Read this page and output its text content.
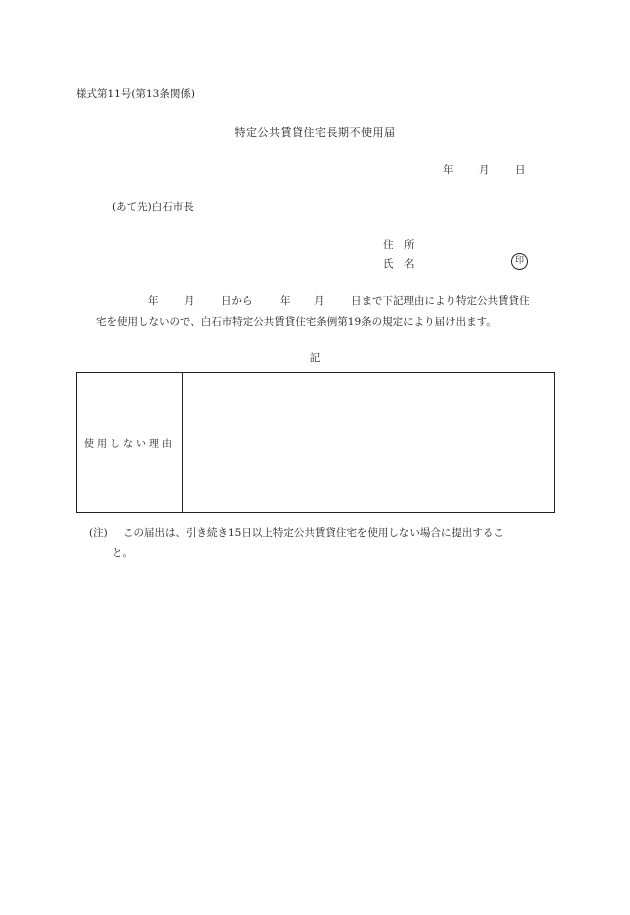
様式第11号(第13条関係)
特定公共賃貸住宅長期不使用届
年	月	日
(あて先)白石市長
住　所
氏　名	印
年 月	日から	年 月	日まで下記理由により特定公共賃貸住
宅を使用しないので、白石市特定公共賃貸住宅条例第19条の規定により届け出ます。
記
使用しない理由
(注) この届出は、引き続き15日以上特定公共賃貸住宅を使用しない場合に提出するこ
と。
